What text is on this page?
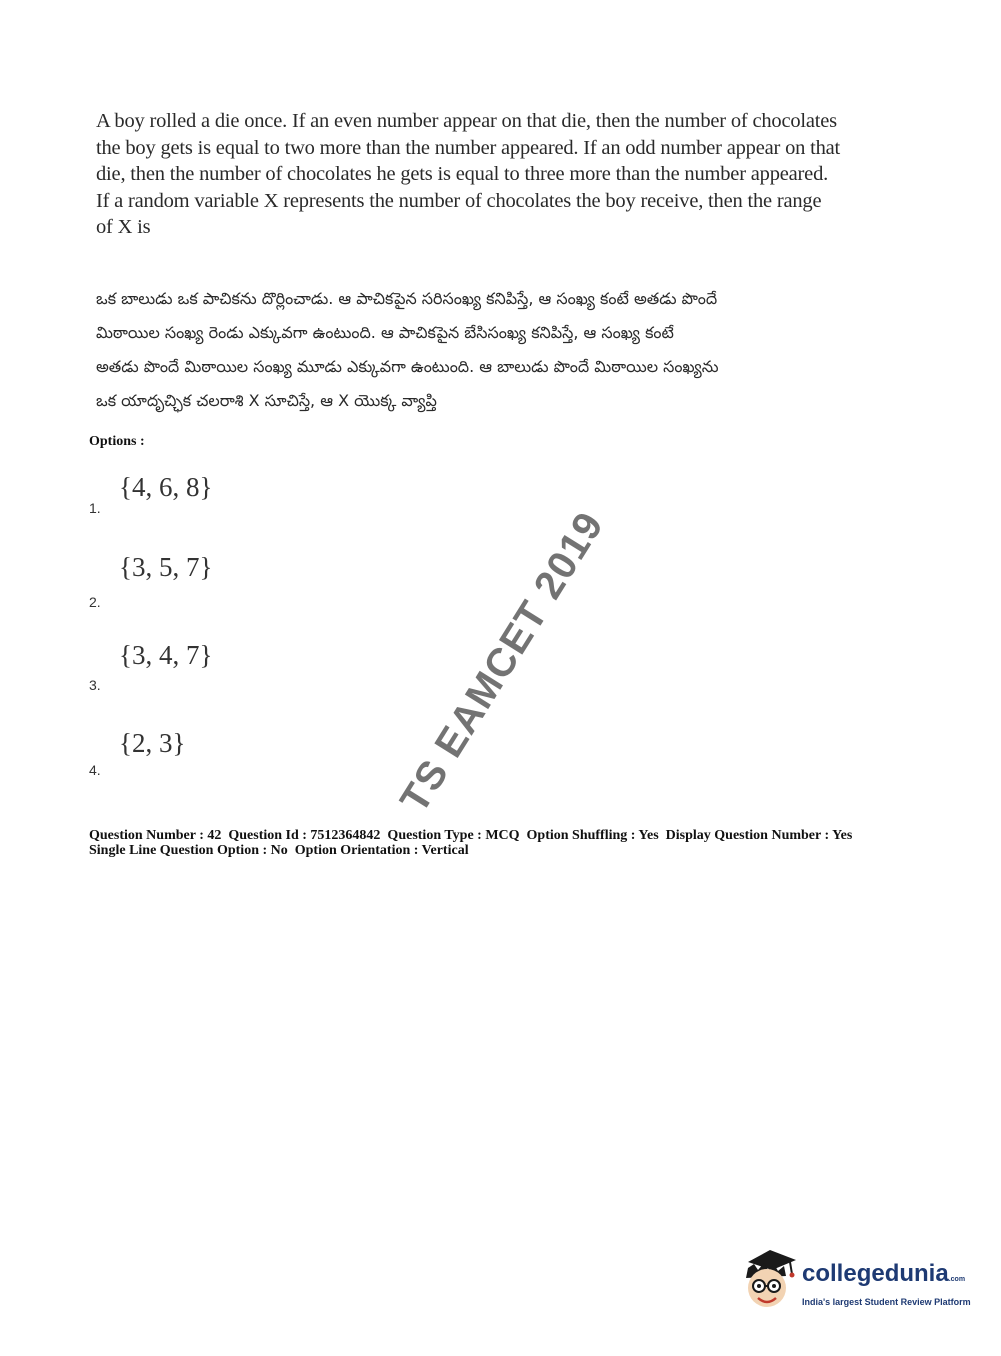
A boy rolled a die once. If an even number appear on that die, then the number of chocolates

the boy gets is equal to two more than the number appeared. If an odd number appear on that

die, then the number of chocolates he gets is equal to three more than the number appeared.

If a random variable X represents the number of chocolates the boy receive, then the range

of X is

ఒక బాలుడు ఒక పాచికను దొర్లించాడు. ఆ పాచికపైన సరిసంఖ్య కనిపిస్తే, ఆ సంఖ్య కంటే అతడు పొందే

మిఠాయిల సంఖ్య రెండు ఎక్కువగా ఉంటుంది. ఆ పాచికపైన బేసిసంఖ్య కనిపిస్తే, ఆ సంఖ్య కంటే

అతడు పొందే మిఠాయిల సంఖ్య మూడు ఎక్కువగా ఉంటుంది. ఆ బాలుడు పొందే మిఠాయిల సంఖ్యను

ఒక యాదృచ్ఛిక చలరాశి X సూచిస్తే, ఆ X యొక్క వ్యాప్తి

Options :
{4, 6, 8}
1.
{3, 5, 7}
2.
{3, 4, 7}
3.
{2, 3}
4.	TS EAMCET 2019

Question Number : 42  Question Id : 7512364842  Question Type : MCQ  Option Shuffling : Yes  Display Question Number : Yes

Single Line Question Option : No  Option Orientation : Vertical

collegedunia.com
India's largest Student Review Platform
